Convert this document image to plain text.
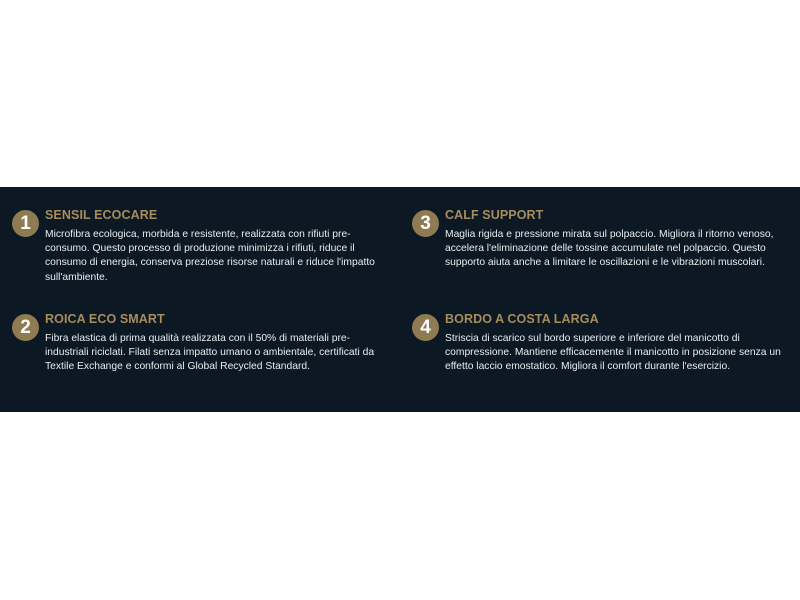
1	SENSIL ECOCARE

Microfibra ecologica, morbida e resistente, realizzata con rifiuti pre-consumo. Questo processo di produzione minimizza i rifiuti, riduce il consumo di energia, conserva preziose risorse naturali e riduce l'impatto sull'ambiente.

3	CALF SUPPORT

Maglia rigida e pressione mirata sul polpaccio. Migliora il ritorno venoso, accelera l'eliminazione delle tossine accumulate nel polpaccio. Questo supporto aiuta anche a limitare le oscillazioni e le vibrazioni muscolari.

2	ROICA ECO SMART

Fibra elastica di prima qualità realizzata con il 50% di materiali pre-industriali riciclati. Filati senza impatto umano o ambientale, certificati da Textile Exchange e conformi al Global Recycled Standard.

4	BORDO A COSTA LARGA

Striscia di scarico sul bordo superiore e inferiore del manicotto di compressione. Mantiene efficacemente il manicotto in posizione senza un effetto laccio emostatico. Migliora il comfort durante l'esercizio.
